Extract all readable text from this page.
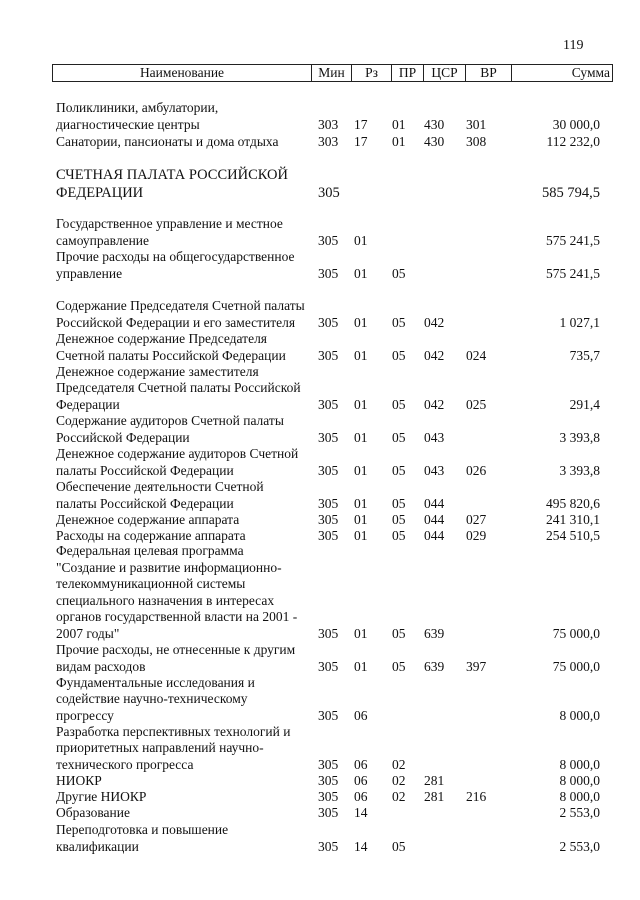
119
Наименование	Мин	Рз	ПР	ЦСР	ВР	Сумма
Поликлиники, амбулатории, диагностические центры	303 17 01 430 301	30 000,0
Санатории, пансионаты и дома отдыха	303 17 01 430 308	112 232,0
СЧЕТНАЯ ПАЛАТА РОССИЙСКОЙ ФЕДЕРАЦИИ	305	585 794,5
Государственное управление и местное самоуправление	305 01	575 241,5
Прочие расходы на общегосударственное управление	305 01 05	575 241,5
Содержание Председателя Счетной палаты Российской Федерации и его заместителя	305 01 05 042	1 027,1
Денежное содержание Председателя Счетной палаты Российской Федерации	305 01 05 042 024	735,7
Денежное содержание заместителя Председателя Счетной палаты Российской Федерации	305 01 05 042 025	291,4
Содержание аудиторов Счетной палаты Российской Федерации	305 01 05 043	3 393,8
Денежное содержание аудиторов Счетной палаты Российской Федерации	305 01 05 043 026	3 393,8
Обеспечение деятельности Счетной палаты Российской Федерации	305 01 05 044	495 820,6
Денежное содержание аппарата	305 01 05 044 027	241 310,1
Расходы на содержание аппарата	305 01 05 044 029	254 510,5
Федеральная целевая программа "Создание и развитие информационно-телекоммуникационной системы специального назначения в интересах органов государственной власти на 2001 - 2007 годы"	305 01 05 639	75 000,0
Прочие расходы, не отнесенные к другим видам расходов	305 01 05 639 397	75 000,0
Фундаментальные исследования и содействие научно-техническому прогрессу	305 06	8 000,0
Разработка перспективных технологий и приоритетных направлений научно-технического прогресса	305 06 02	8 000,0
НИОКР	305 06 02 281	8 000,0
Другие НИОКР	305 06 02 281 216	8 000,0
Образование	305 14	2 553,0
Переподготовка и повышение квалификации	305 14 05	2 553,0
